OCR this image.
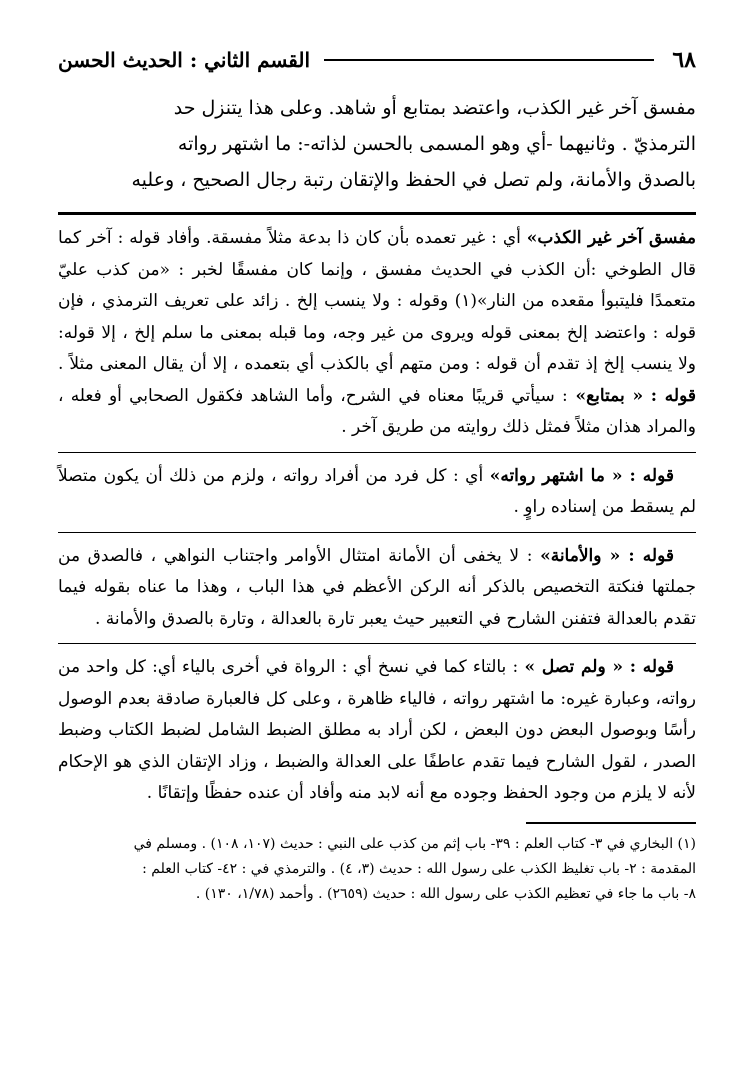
٦٨
القسم الثاني : الحديث الحسن

مفسق آخر غير الكذب، واعتضد بمتابع أو شاهد. وعلى هذا يتنزل حد

الترمذيّ . وثانيهما -أي وهو المسمى بالحسن لذاته-: ما اشتهر رواته

بالصدق والأمانة، ولم تصل في الحفظ والإتقان رتبة رجال الصحيح ، وعليه

مفسق آخر غير الكذب» أي : غير تعمده بأن كان ذا بدعة مثلاً مفسقة. وأفاد قوله : آخر كما قال الطوخي :أن الكذب في الحديث مفسق ، وإنما كان مفسقًا لخبر : «من كذب عليّ متعمدًا فليتبوأ مقعده من النار»(١) وقوله : ولا ينسب إلخ . زائد على تعريف الترمذي ، فإن قوله : واعتضد إلخ بمعنى قوله ويروى من غير وجه، وما قبله بمعنى ما سلم إلخ ، إلا قوله: ولا ينسب إلخ إذ تقدم أن قوله : ومن متهم أي بالكذب أي بتعمده ، إلا أن يقال المعنى مثلاً . قوله : « بمتابع» : سيأتي قريبًا معناه في الشرح، وأما الشاهد فكقول الصحابي أو فعله ، والمراد هذان مثلاً فمثل ذلك روايته من طريق آخر .

قوله : « ما اشتهر رواته» أي : كل فرد من أفراد رواته ، ولزم من ذلك أن يكون متصلاً لم يسقط من إسناده راوٍ .

قوله : « والأمانة» : لا يخفى أن الأمانة امتثال الأوامر واجتناب النواهي ، فالصدق من جملتها فنكتة التخصيص بالذكر أنه الركن الأعظم في هذا الباب ، وهذا ما عناه بقوله فيما تقدم بالعدالة فتفنن الشارح في التعبير حيث يعبر تارة بالعدالة ، وتارة بالصدق والأمانة .

قوله : « ولم تصل » : بالتاء كما في نسخ أي : الرواة في أخرى بالياء أي: كل واحد من رواته، وعبارة غيره: ما اشتهر رواته ، فالياء ظاهرة ، وعلى كل فالعبارة صادقة بعدم الوصول رأسًا وبوصول البعض دون البعض ، لكن أراد به مطلق الضبط الشامل لضبط الكتاب وضبط الصدر ، لقول الشارح فيما تقدم عاطفًا على العدالة والضبط ، وزاد الإتقان الذي هو الإحكام لأنه لا يلزم من وجود الحفظ وجوده مع أنه لابد منه وأفاد أن عنده حفظًا وإتقانًا .

(١) البخاري في ٣- كتاب العلم : ٣٩- باب إثم من كذب على النبي : حديث (١٠٧، ١٠٨) . ومسلم في

المقدمة : ٢- باب تغليظ الكذب على رسول الله : حديث (٣، ٤) . والترمذي في : ٤٢- كتاب العلم :

٨- باب ما جاء في تعظيم الكذب على رسول الله : حديث (٢٦٥٩) . وأحمد (١/٧٨، ١٣٠) .
